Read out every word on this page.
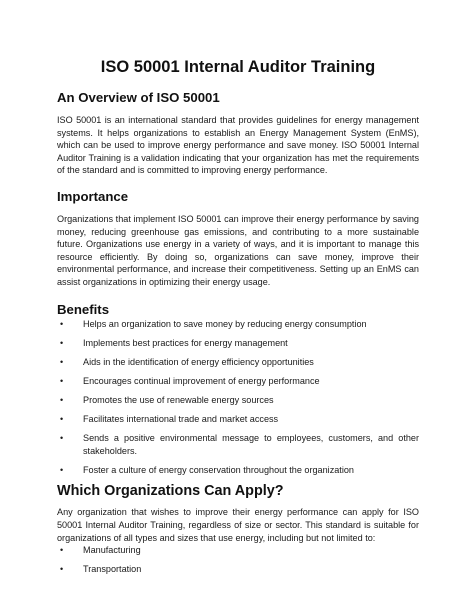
ISO 50001 Internal Auditor Training
An Overview of ISO 50001

ISO 50001 is an international standard that provides guidelines for energy management systems. It helps organizations to establish an Energy Management System (EnMS), which can be used to improve energy performance and save money. ISO 50001 Internal Auditor Training is a validation indicating that your organization has met the requirements of the standard and is committed to improving energy performance.

Importance

Organizations that implement ISO 50001 can improve their energy performance by saving money, reducing greenhouse gas emissions, and contributing to a more sustainable future. Organizations use energy in a variety of ways, and it is important to manage this resource efficiently. By doing so, organizations can save money, improve their environmental performance, and increase their competitiveness. Setting up an EnMS can assist organizations in optimizing their energy usage.

Benefits
• Helps an organization to save money by reducing energy consumption
• Implements best practices for energy management
• Aids in the identification of energy efficiency opportunities
• Encourages continual improvement of energy performance
• Promotes the use of renewable energy sources
• Facilitates international trade and market access
• Sends a positive environmental message to employees, customers, and other stakeholders.
• Foster a culture of energy conservation throughout the organization
Which Organizations Can Apply?

Any organization that wishes to improve their energy performance can apply for ISO 50001 Internal Auditor Training, regardless of size or sector. This standard is suitable for organizations of all types and sizes that use energy, including but not limited to:

• Manufacturing
• Transportation
